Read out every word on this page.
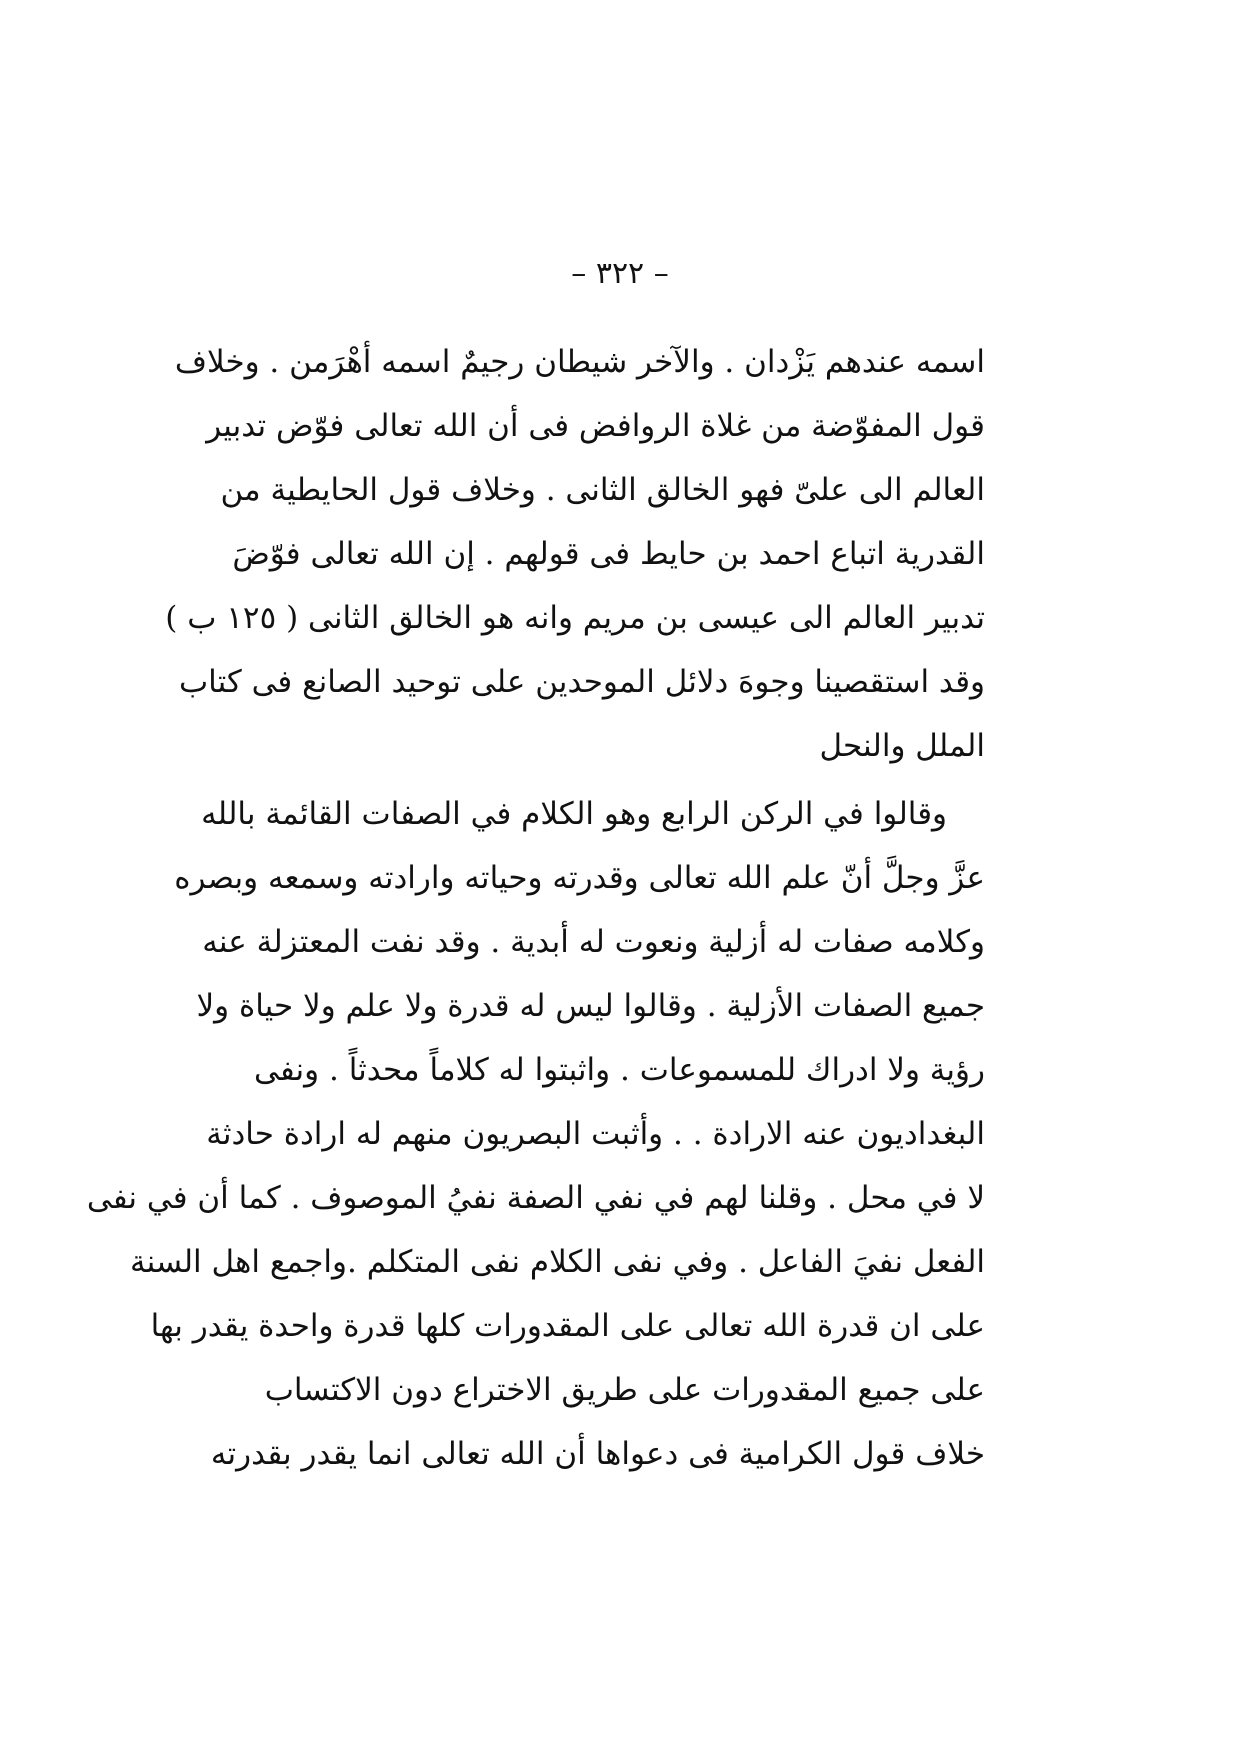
– ٣٢٢ –
اسمه عندهم يَزْدان . والآخر شيطان رجيمٌ اسمه أهْرَمن . وخلاف
قول المفوّضة من غلاة الروافض فى أن الله تعالى فوّض تدبير
العالم الى علىّ فهو الخالق الثانى . وخلاف قول الحايطية من
القدرية اتباع احمد بن حايط فى قولهم . إن الله تعالى فوّضَ
تدبير العالم الى عيسى بن مريم وانه هو الخالق الثانى ( ١٢٥ ب )
وقد استقصينا وجوهَ دلائل الموحدين على توحيد الصانع فى كتاب
الملل والنحل
وقالوا في الركن الرابع وهو الكلام في الصفات القائمة بالله
عزَّ وجلَّ أنّ علم الله تعالى وقدرته وحياته وارادته وسمعه وبصره
وكلامه صفات له أزلية ونعوت له أبدية . وقد نفت المعتزلة عنه
جميع الصفات الأزلية . وقالوا ليس له قدرة ولا علم ولا حياة ولا
رؤية ولا ادراك للمسموعات . واثبتوا له كلاماً محدثاً . ونفى
البغداديون عنه الارادة . . وأثبت البصريون منهم له ارادة حادثة
لا في محل . وقلنا لهم في نفي الصفة نفيُ الموصوف . كما أن في نفى
الفعل نفيَ الفاعل . وفي نفى الكلام نفى المتكلم .واجمع اهل السنة
على ان قدرة الله تعالى على المقدورات كلها قدرة واحدة يقدر بها
على جميع المقدورات على طريق الاختراع دون الاكتساب
خلاف قول الكرامية فى دعواها أن الله تعالى انما يقدر بقدرته
